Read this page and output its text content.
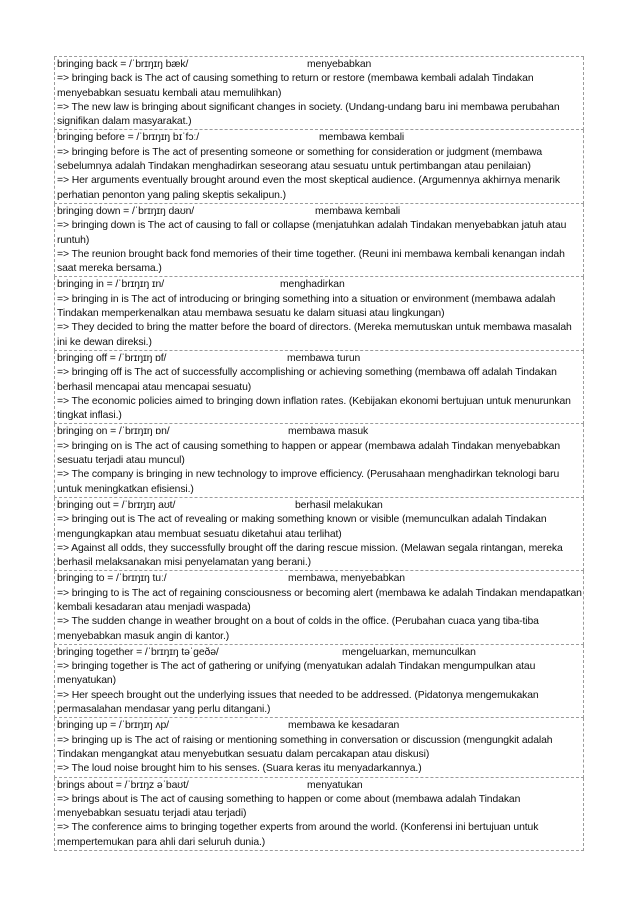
bringing back = /ˈbrɪŋɪŋ bæk/	menyebabkan
=> bringing back is The act of causing something to return or restore (membawa kembali adalah Tindakan menyebabkan sesuatu kembali atau memulihkan)
=> The new law is bringing about significant changes in society. (Undang-undang baru ini membawa perubahan signifikan dalam masyarakat.)
bringing before = /ˈbrɪŋɪŋ bɪˈfɔː/	membawa kembali
=> bringing before is The act of presenting someone or something for consideration or judgment (membawa sebelumnya adalah Tindakan menghadirkan seseorang atau sesuatu untuk pertimbangan atau penilaian)
=> Her arguments eventually brought around even the most skeptical audience. (Argumennya akhirnya menarik perhatian penonton yang paling skeptis sekalipun.)
bringing down = /ˈbrɪŋɪŋ daʊn/	membawa kembali
=> bringing down is The act of causing to fall or collapse (menjatuhkan adalah Tindakan menyebabkan jatuh atau runtuh)
=> The reunion brought back fond memories of their time together. (Reuni ini membawa kembali kenangan indah saat mereka bersama.)
bringing in = /ˈbrɪŋɪŋ ɪn/	menghadirkan
=> bringing in is The act of introducing or bringing something into a situation or environment (membawa adalah Tindakan memperkenalkan atau membawa sesuatu ke dalam situasi atau lingkungan)
=> They decided to bring the matter before the board of directors. (Mereka memutuskan untuk membawa masalah ini ke dewan direksi.)
bringing off = /ˈbrɪŋɪŋ ɒf/	membawa turun
=> bringing off is The act of successfully accomplishing or achieving something (membawa off adalah Tindakan berhasil mencapai atau mencapai sesuatu)
=> The economic policies aimed to bringing down inflation rates. (Kebijakan ekonomi bertujuan untuk menurunkan tingkat inflasi.)
bringing on = /ˈbrɪŋɪŋ ɒn/	membawa masuk
=> bringing on is The act of causing something to happen or appear (membawa adalah Tindakan menyebabkan sesuatu terjadi atau muncul)
=> The company is bringing in new technology to improve efficiency. (Perusahaan menghadirkan teknologi baru untuk meningkatkan efisiensi.)
bringing out = /ˈbrɪŋɪŋ aʊt/	berhasil melakukan
=> bringing out is The act of revealing or making something known or visible (memunculkan adalah Tindakan mengungkapkan atau membuat sesuatu diketahui atau terlihat)
=> Against all odds, they successfully brought off the daring rescue mission. (Melawan segala rintangan, mereka berhasil melaksanakan misi penyelamatan yang berani.)
bringing to = /ˈbrɪŋɪŋ tuː/	membawa, menyebabkan
=> bringing to is The act of regaining consciousness or becoming alert (membawa ke adalah Tindakan mendapatkan kembali kesadaran atau menjadi waspada)
=> The sudden change in weather brought on a bout of colds in the office. (Perubahan cuaca yang tiba-tiba menyebabkan masuk angin di kantor.)
bringing together = /ˈbrɪŋɪŋ təˈɡeðə/	mengeluarkan, memunculkan
=> bringing together is The act of gathering or unifying (menyatukan adalah Tindakan mengumpulkan atau menyatukan)
=> Her speech brought out the underlying issues that needed to be addressed. (Pidatonya mengemukakan permasalahan mendasar yang perlu ditangani.)
bringing up = /ˈbrɪŋɪŋ ʌp/	membawa ke kesadaran
=> bringing up is The act of raising or mentioning something in conversation or discussion (mengungkit adalah Tindakan mengangkat atau menyebutkan sesuatu dalam percakapan atau diskusi)
=> The loud noise brought him to his senses. (Suara keras itu menyadarkannya.)
brings about = /ˈbrɪŋz əˈbaʊt/	menyatukan
=> brings about is The act of causing something to happen or come about (membawa adalah Tindakan menyebabkan sesuatu terjadi atau terjadi)
=> The conference aims to bringing together experts from around the world. (Konferensi ini bertujuan untuk mempertemukan para ahli dari seluruh dunia.)
